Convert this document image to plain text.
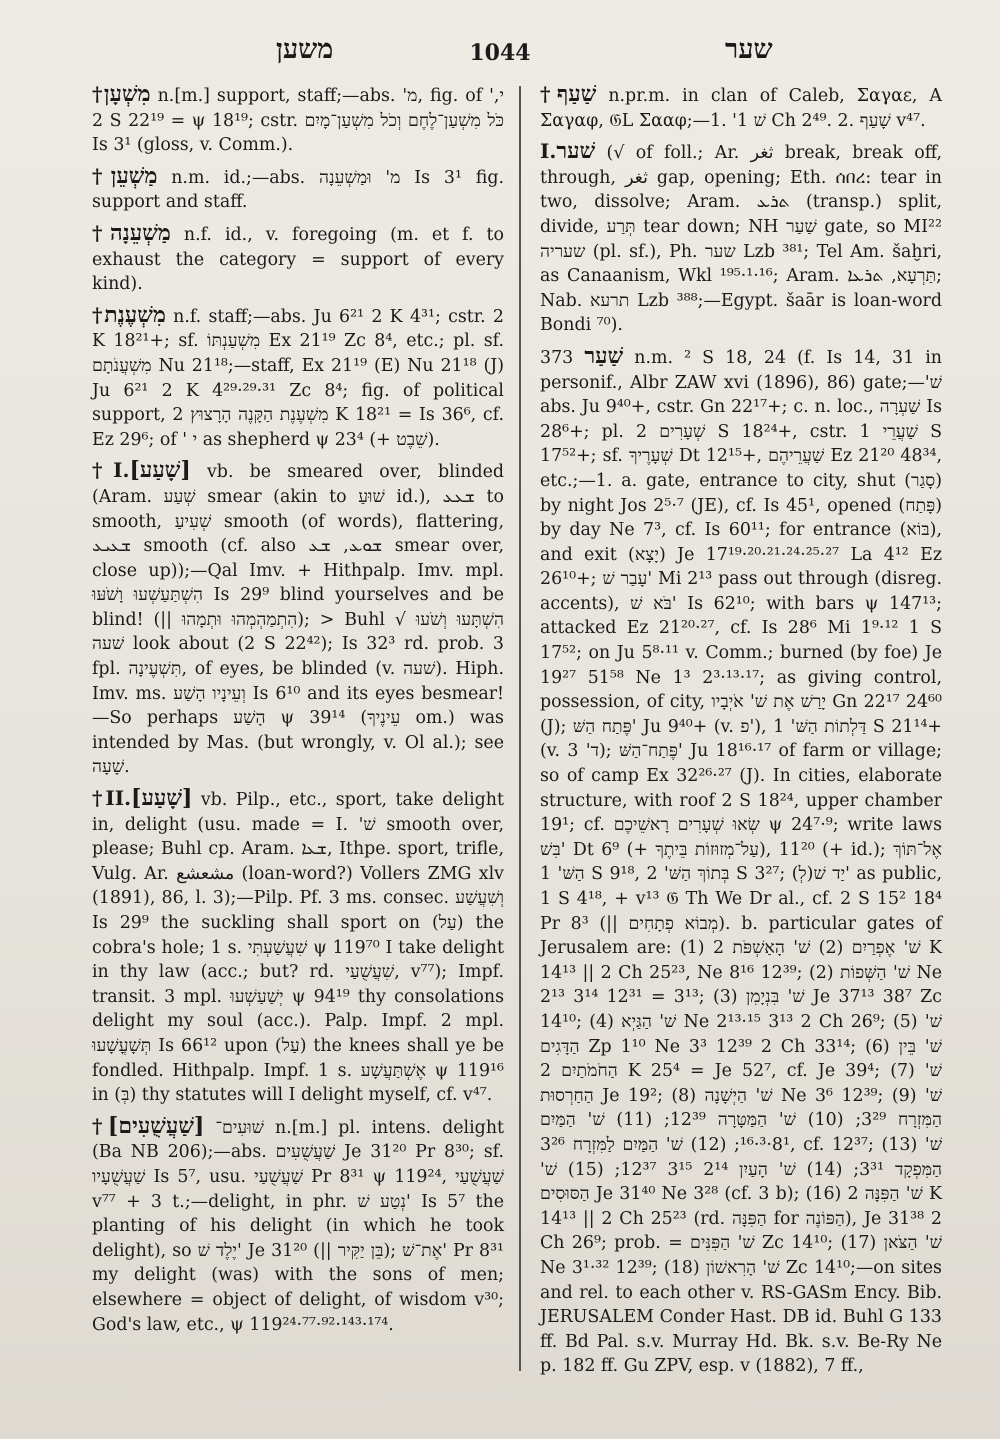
משען	1044	שער

†מִשְׁעָן n.[m.] support, staff;—abs. 'מ, fig. of ',י 2 S 22¹⁹ = ψ 18¹⁹; cstr. כֹּל מִשְׁעַן־לֶחֶם וְכֹל מִשְׁעַן־מָיִם Is 3¹ (gloss, v. Comm.).

†מַשְׁעֵן n.m. id.;—abs. מ' וּמַשְׁעֵנָה Is 3¹ fig. support and staff.

†מַשְׁעֵנָה n.f. id., v. foregoing (m. et f. to exhaust the category = support of every kind).

†מִשְׁעֶנֶת n.f. staff;—abs. Ju 6²¹ 2 K 4³¹; cstr. 2 K 18²¹+; sf. מִשְׁעַנְתּוֹ Ex 21¹⁹ Zc 8⁴, etc.; pl. sf. מִשְׁעֲנֹתָם Nu 21¹⁸;—staff, Ex 21¹⁹ (E) Nu 21¹⁸ (J) Ju 6²¹ 2 K 4²⁹·²⁹·³¹ Zc 8⁴; fig. of political support, מִשְׁעֶנֶת הַקָּנֶה הָרָצוּץ 2 K 18²¹ = Is 36⁶, cf. Ez 29⁶; of ' י as shepherd ψ 23⁴ (+ שֵׁבֶט).

†I.[שָׁעַע] vb. be smeared over, blinded (Aram. שְׁעַע smear (akin to שׁוּעַ id.), ܫܥܥ to smooth, שְׁעִיעַ smooth (of words), flattering, ܫܥܝܥ smooth (cf. also ܫܘܥ, ܫܥ smear over, close up));—Qal Imv. + Hithpalp. Imv. mpl. הִשְׁתַּעַשְׁעוּ וָשֹׁעּוּ Is 29⁹ blind yourselves and be blind! (|| הִתְמַהְמְהוּ וּתְמָהוּ); > Buhl הִשְׁתָּעוּ וְשֹׁעוּ √ שׁעה look about (2 S 22⁴²); Is 32³ rd. prob. 3 fpl. תִּשְׁעֶינָה, of eyes, be blinded (v. שׁעה). Hiph. Imv. ms. וְעֵינָיו הָשַׁע Is 6¹⁰ and its eyes besmear!—So perhaps הָשַׁע ψ 39¹⁴ (עֵינֶיךָ om.) was intended by Mas. (but wrongly, v. Ol al.); see שָׁעָה.

†II.[שָׁעַע] vb. Pilp., etc., sport, take delight in, delight (usu. made = I. 'שׁ smooth over, please; Buhl cp. Aram. ܫܥܐ, Ithpe. sport, trifle, Vulg. Ar. مشعشع (loan-word?) Vollers ZMG xlv (1891), 86, l. 3);—Pilp. Pf. 3 ms. consec. וְשִׁעֲשַׁע Is 29⁹ the suckling shall sport on (עַל) the cobra's hole; 1 s. שִׁעֲשַׁעְתִּי ψ 119⁷⁰ I take delight in thy law (acc.; but? rd. שִׁעֲשֻׁעַי, v⁷⁷); Impf. transit. 3 mpl. יְשַׁעַשְׁעוּ ψ 94¹⁹ thy consolations delight my soul (acc.). Palp. Impf. 2 mpl. תְּשָׁעֳשָׁעוּ Is 66¹² upon (עַל) the knees shall ye be fondled. Hithpalp. Impf. 1 s. אֶשְׁתַּעֲשָׁע ψ 119¹⁶ in (בְּ) thy statutes will I delight myself, cf. v⁴⁷.

†[שַׁעֲשֻׁעִים] שׁוּעִים־ n.[m.] pl. intens. delight (Ba NB 206);—abs. שַׁעֲשֻׁעִים Je 31²⁰ Pr 8³⁰; sf. שַׁעֲשֻׁעָיו Is 5⁷, usu. שַׁעֲשֻׁעַי Pr 8³¹ ψ 119²⁴, שַׁעֲשֻׁעַי v⁷⁷ + 3 t.;—delight, in phr. נְטַע שׁ' Is 5⁷ the planting of his delight (in which he took delight), so יֶלֶד שׁ' Je 31²⁰ (|| בֵּן יַקִּיר); אֶת־שׁ' Pr 8³¹ my delight (was) with the sons of men; elsewhere = object of delight, of wisdom v³⁰; God's law, etc., ψ 119²⁴·⁷⁷·⁹²·¹⁴³·¹⁷⁴.

†שַׁעַף n.pr.m. in clan of Caleb, Σαγαε, A Σαγαφ, 𝔊L Σααφ;—1. 'שׁ 1 Ch 2⁴⁹. 2. שָׁעַף v⁴⁷.

I.שׁער (√ of foll.; Ar. ثغر break, break off, through, ثغر gap, opening; Eth. ሰበረ: tear in two, dissolve; Aram. ܬܪܥ (transp.) split, divide, תְּרַע tear down; NH שַׁעַר gate, so MI²² שעריה (pl. sf.), Ph. שער Lzb ³⁸¹; Tel Am. šaḫri, as Canaanism, Wkl ¹⁹⁵·¹·¹⁶; Aram. תַּרְעָא, ܬܪܥܐ; Nab. תרעא Lzb ³⁸⁸;—Egypt. šaār is loan-word Bondi ⁷⁰).

שַׁעַר 373 n.m. ² S 18, 24 (f. Is 14, 31 in personif., Albr ZAW xvi (1896), 86) gate;—'שׁ abs. Ju 9⁴⁰+, cstr. Gn 22¹⁷+; c. n. loc., שַׁעְרָה Is 28⁶+; pl. שְׁעָרִים 2 S 18²⁴+, cstr. שַׁעֲרֵי 1 S 17⁵²+; sf. שְׁעָרֶיךָ Dt 12¹⁵+, שַׁעֲרֵיהֶם Ez 21²⁰ 48³⁴, etc.;—1. a. gate, entrance to city, shut (סָגַר) by night Jos 2⁵·⁷ (JE), cf. Is 45¹, opened (פָּתַח) by day Ne 7³, cf. Is 60¹¹; for entrance (בּוֹא), and exit (יָצָא) Je 17¹⁹·²⁰·²¹·²⁴·²⁵·²⁷ La 4¹² Ez 26¹⁰+; עָבַר שׁ' Mi 2¹³ pass out through (disreg. accents), בֹּא שׁ' Is 62¹⁰; with bars ψ 147¹³; attacked Ez 21²⁰·²⁷, cf. Is 28⁶ Mi 1⁹·¹² 1 S 17⁵²; on Ju 5⁸·¹¹ v. Comm.; burned (by foe) Je 19²⁷ 51⁵⁸ Ne 1³ 2³·¹³·¹⁷; as giving control, possession, of city, יָרַשׁ אֶת שׁ' אֹיְבָיו Gn 22¹⁷ 24⁶⁰ (J); פֶּתַח הַשּׁ' Ju 9⁴⁰+ (v. פ'), דַּלְתוֹת הַשּׁ' 1 S 21¹⁴+ (v. ד' 3); פֶּתַח־הַשּׁ' Ju 18¹⁶·¹⁷ of farm or village; so of camp Ex 32²⁶·²⁷ (J). In cities, elaborate structure, with roof 2 S 18²⁴, upper chamber 19¹; cf. שְׂאוּ שְׁעָרִים רָאשֵׁיכֶם ψ 24⁷·⁹; write laws בִּשׁ' Dt 6⁹ (+ עַל־מְזוּזוֹת בֵּיתֶךָ), 11²⁰ (+ id.); אֶל־תּוֹךְ הַשּׁ' 1 S 9¹⁸, בְּתוֹךְ הַשּׁ' 2 S 3²⁷; (לְ)יַד שׁ' as public, 1 S 4¹⁸, + v¹³ 𝔊 Th We Dr al., cf. 2 S 15² 18⁴ Pr 8³ (|| מְבוֹא פְתָחִים). b. particular gates of Jerusalem are: (1) שׁ' אֶפְרַיִם (2) שׁ' הָאַשְׁפֹּת 2 K 14¹³ || 2 Ch 25²³, Ne 8¹⁶ 12³⁹; (2) שׁ' הַשְּׁפוֹת Ne 2¹³ 3¹⁴ 12³¹ = 3¹³; (3) שׁ' בִּנְיָמִן Je 37¹³ 38⁷ Zc 14¹⁰; (4) שׁ' הַגַּיְא Ne 2¹³·¹⁵ 3¹³ 2 Ch 26⁹; (5) שׁ' הַדָּגִים Zp 1¹⁰ Ne 3³ 12³⁹ 2 Ch 33¹⁴; (6) שׁ' בֵּין הַחֹמֹתַיִם 2 K 25⁴ = Je 52⁷, cf. Je 39⁴; (7) שׁ' הַחַרְסוּת Je 19²; (8) שׁ' הַיְשָׁנָה Ne 3⁶ 12³⁹; (9) שׁ' הַמִּזְרָח 3²⁹; (10) שׁ' הַמַּטָּרָה 12³⁹; (11) שׁ' הַמַּיִם 8¹·³·¹⁶; (12) שׁ' הַמַּיִם לַמִּזְרָח 3²⁶, cf. 12³⁷; (13) שׁ' הַמִּפְקָד 3³¹; (14) שׁ' הָעַיִן 2¹⁴ 3¹⁵ 12³⁷; (15) שׁ' הַסּוּסִים Je 31⁴⁰ Ne 3²⁸ (cf. 3 b); (16) שׁ' הַפִּנָּה 2 K 14¹³ || 2 Ch 25²³ (rd. הַפִּנָּה for הַפּוֹנֶה), Je 31³⁸ 2 Ch 26⁹; prob. = שׁ' הַפִּנִּים Zc 14¹⁰; (17) שׁ' הַצֹּאן Ne 3¹·³² 12³⁹; (18) שׁ' הָרִאשׁוֹן Zc 14¹⁰;—on sites and rel. to each other v. RS-GASm Ency. Bib. JERUSALEM Conder Hast. DB id. Buhl G 133 ff. Bd Pal. s.v. Murray Hd. Bk. s.v. Be-Ry Ne p. 182 ff. Gu ZPV, esp. v (1882), 7 ff.,
